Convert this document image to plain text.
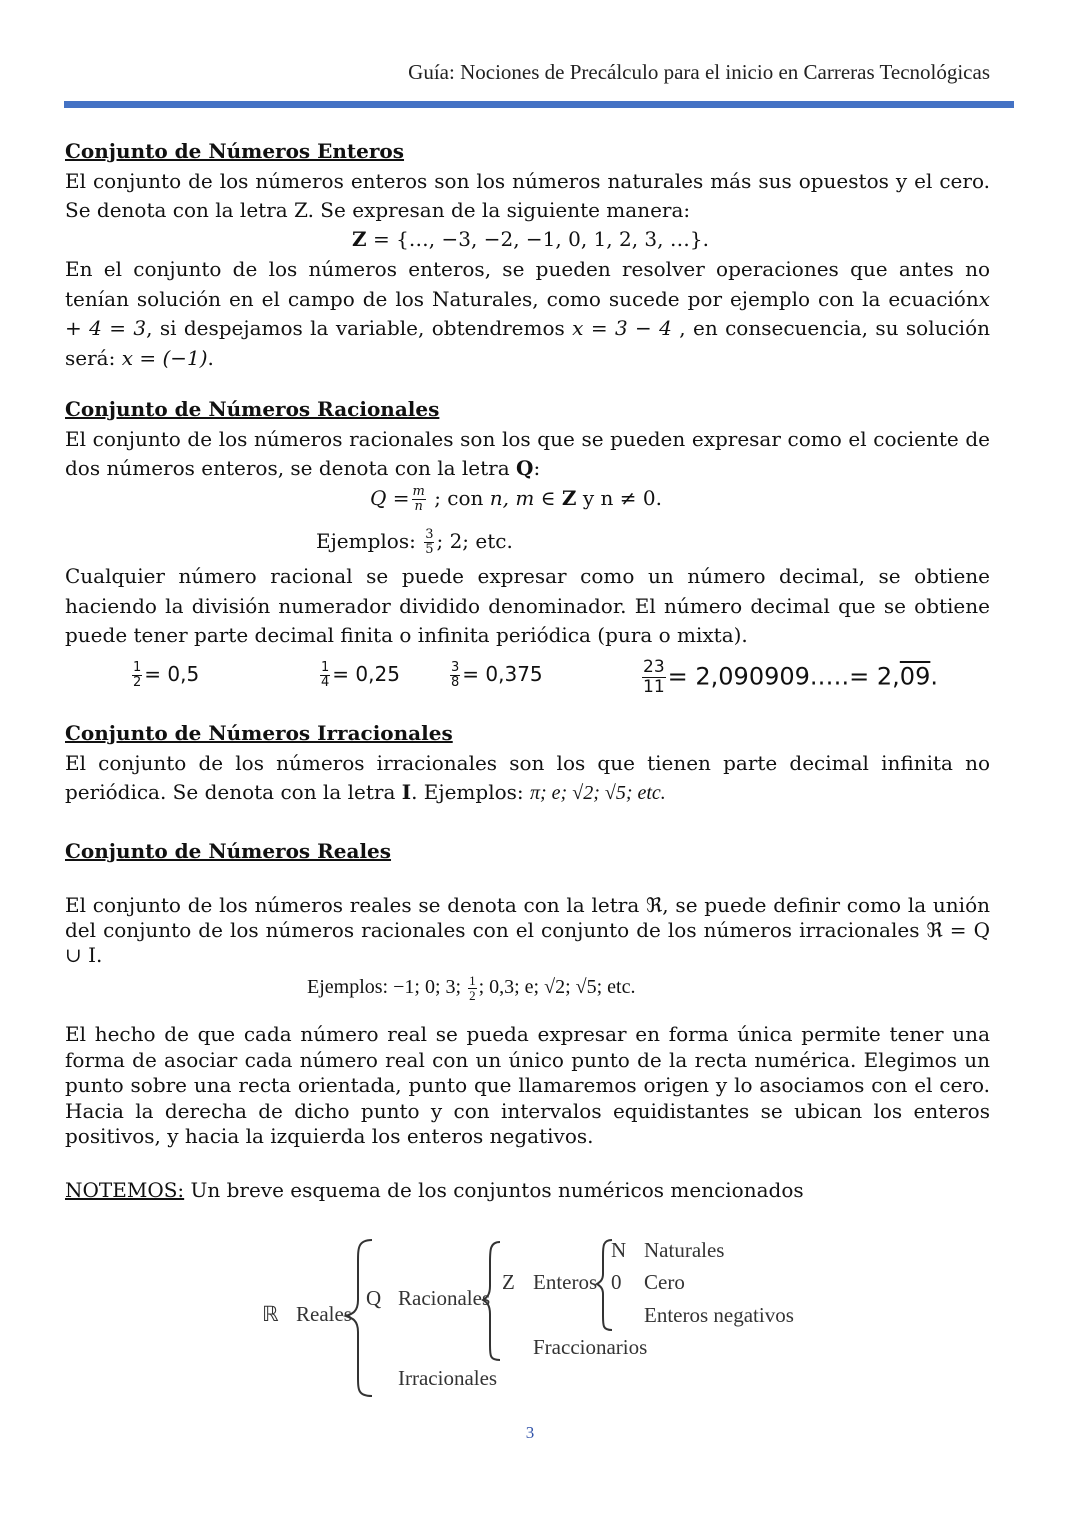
Guía: Nociones de Precálculo para el inicio en Carreras Tecnológicas
Conjunto de Números Enteros
El conjunto de los números enteros son los números naturales más sus opuestos y el cero. Se denota con la letra Z. Se expresan de la siguiente manera:
Z = {…, −3, −2, −1, 0, 1, 2, 3, …}.
En el conjunto de los números enteros, se pueden resolver operaciones que antes no tenían solución en el campo de los Naturales, como sucede por ejemplo con la ecuaciónx + 4 = 3, si despejamos la variable, obtendremos x = 3 − 4 , en consecuencia, su solución será: x = (−1).
Conjunto de Números Racionales
El conjunto de los números racionales son los que se pueden expresar como el cociente de dos números enteros, se denota con la letra Q:
$Q = \frac{m}{n}$ ; con n, m ∈ Z y n ≠ 0.
Ejemplos: $\frac{3}{5}$ ; 2; etc.
Cualquier número racional se puede expresar como un número decimal, se obtiene haciendo la división numerador dividido denominador. El número decimal que se obtiene puede tener parte decimal finita o infinita periódica (pura o mixta).
$\frac{1}{2} = 0,5$	$\frac{1}{4} = 0,25$	$\frac{3}{8} = 0,375$	$\frac{23}{11}$ = 2,090909.….= 2,09.
Conjunto de Números Irracionales
El conjunto de los números irracionales son los que tienen parte decimal infinita no periódica. Se denota con la letra I. Ejemplos: π; e; √2; √5; etc.
Conjunto de Números Reales
El conjunto de los números reales se denota con la letra ℜ, se puede definir como la unión del conjunto de los números racionales con el conjunto de los números irracionales ℜ = Q ∪ I.
Ejemplos: −1; 0; 3; $\frac{1}{2}$ ; 0,3; e; √2; √5; etc.
El hecho de que cada número real se pueda expresar en forma única permite tener una forma de asociar cada número real con un único punto de la recta numérica. Elegimos un punto sobre una recta orientada, punto que llamaremos origen y lo asociamos con el cero. Hacia la derecha de dicho punto y con intervalos equidistantes se ubican los enteros positivos, y hacia la izquierda los enteros negativos.
NOTEMOS: Un breve esquema de los conjuntos numéricos mencionados
ℝ Reales
Q Racionales
Irracionales
Z Enteros
Fraccionarios
N Naturales
0 Cero
Enteros negativos
3
